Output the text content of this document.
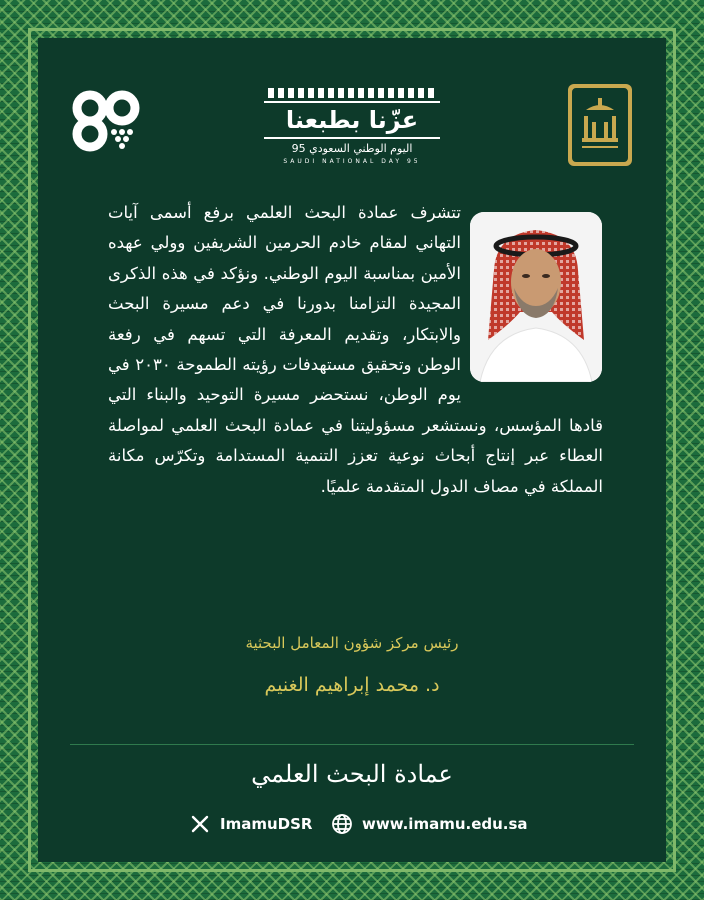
عزّنا بطبعنا
اليوم الوطني السعودي 95
SAUDI NATIONAL DAY 95
تتشرف عمادة البحث العلمي برفع أسمى آيات التهاني لمقام خادم الحرمين الشريفين وولي عهده الأمين بمناسبة اليوم الوطني. ونؤكد في هذه الذكرى المجيدة التزامنا بدورنا في دعم مسيرة البحث والابتكار، وتقديم المعرفة التي تسهم في رفعة الوطن وتحقيق مستهدفات رؤيته الطموحة ٢٠٣٠ في يوم الوطن، نستحضر مسيرة التوحيد والبناء التي قادها المؤسس، ونستشعر مسؤوليتنا في عمادة البحث العلمي لمواصلة العطاء عبر إنتاج أبحاث نوعية تعزز التنمية المستدامة وتكرّس مكانة المملكة في مصاف الدول المتقدمة علميًا.
رئيس مركز شؤون المعامل البحثية
د. محمد إبراهيم الغنيم
عمادة البحث العلمي
ImamuDSR	www.imamu.edu.sa
